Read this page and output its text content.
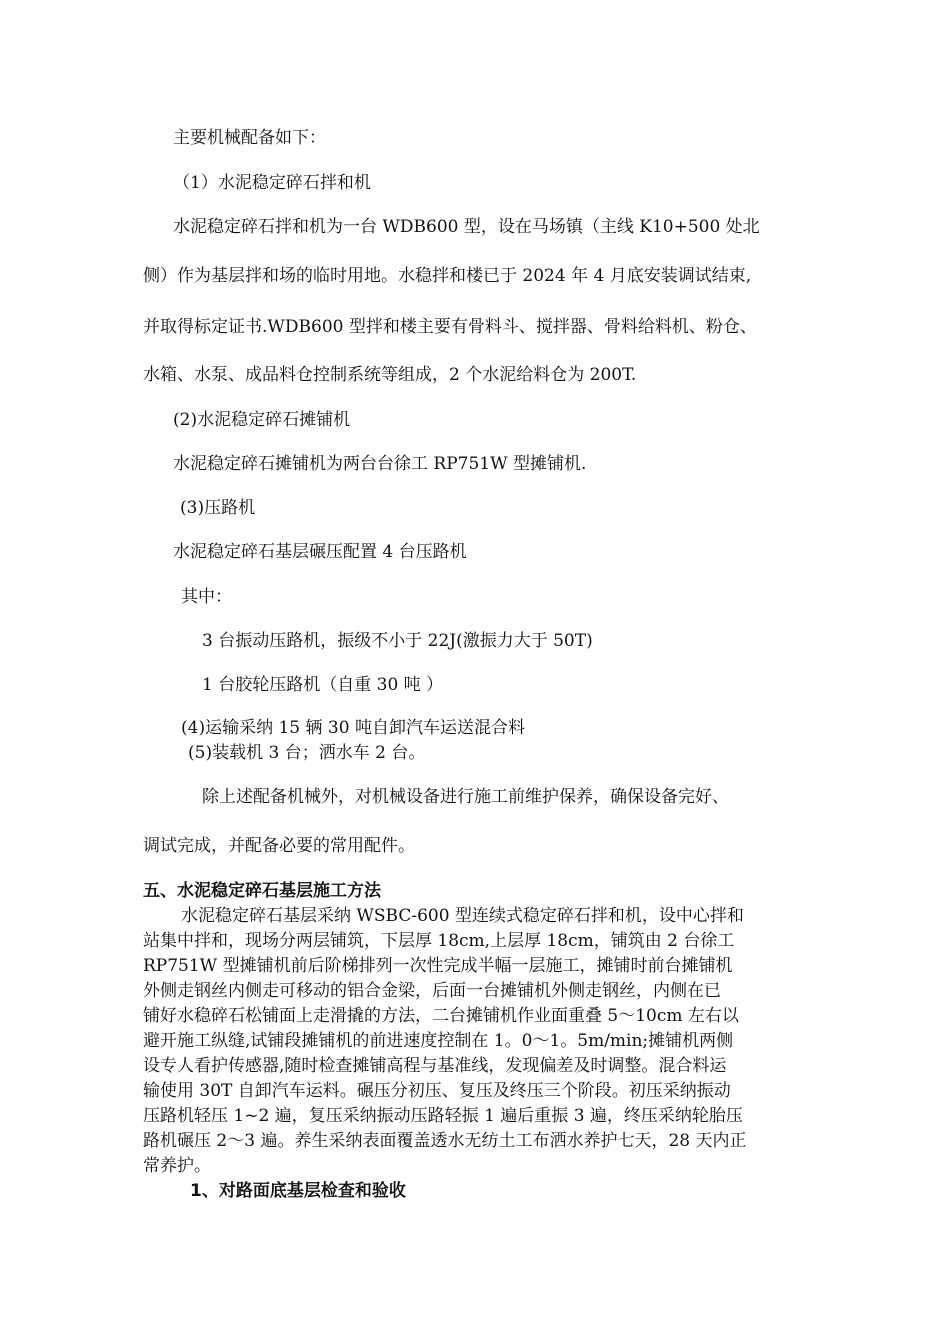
主要机械配备如下：
（1）水泥稳定碎石拌和机
水泥稳定碎石拌和机为一台 WDB600 型，设在马场镇（主线 K10+500 处北
侧）作为基层拌和场的临时用地。水稳拌和楼已于 2024 年 4 月底安装调试结束,
并取得标定证书.WDB600 型拌和楼主要有骨料斗、搅拌器、骨料给料机、粉仓、
水箱、水泵、成品料仓控制系统等组成，2 个水泥给料仓为 200T.
(2)水泥稳定碎石摊铺机
水泥稳定碎石摊铺机为两台台徐工 RP751W 型摊铺机.
(3)压路机
水泥稳定碎石基层碾压配置 4 台压路机
其中：
3 台振动压路机，振级不小于 22J(激振力大于 50T)
1 台胶轮压路机（自重 30 吨 ）
(4)运输采纳 15 辆 30 吨自卸汽车运送混合料
(5)装载机 3 台；洒水车 2 台。
除上述配备机械外，对机械设备进行施工前维护保养，确保设备完好、
调试完成，并配备必要的常用配件。
五、水泥稳定碎石基层施工方法
水泥稳定碎石基层采纳 WSBC-600 型连续式稳定碎石拌和机，设中心拌和
站集中拌和，现场分两层铺筑，下层厚 18cm,上层厚 18cm，铺筑由 2 台徐工
RP751W 型摊铺机前后阶梯排列一次性完成半幅一层施工，摊铺时前台摊铺机
外侧走钢丝内侧走可移动的铝合金梁，后面一台摊铺机外侧走钢丝，内侧在已
铺好水稳碎石松铺面上走滑撬的方法，二台摊铺机作业面重叠 5～10cm 左右以
避开施工纵缝,试铺段摊铺机的前进速度控制在 1。0～1。5m/min;摊铺机两侧
设专人看护传感器,随时检查摊铺高程与基准线，发现偏差及时调整。混合料运
输使用 30T 自卸汽车运料。碾压分初压、复压及终压三个阶段。初压采纳振动
压路机轻压 1~2 遍，复压采纳振动压路轻振 1 遍后重振 3 遍，终压采纳轮胎压
路机碾压 2～3 遍。养生采纳表面覆盖透水无纺土工布洒水养护七天，28 天内正
常养护。
1、对路面底基层检查和验收
